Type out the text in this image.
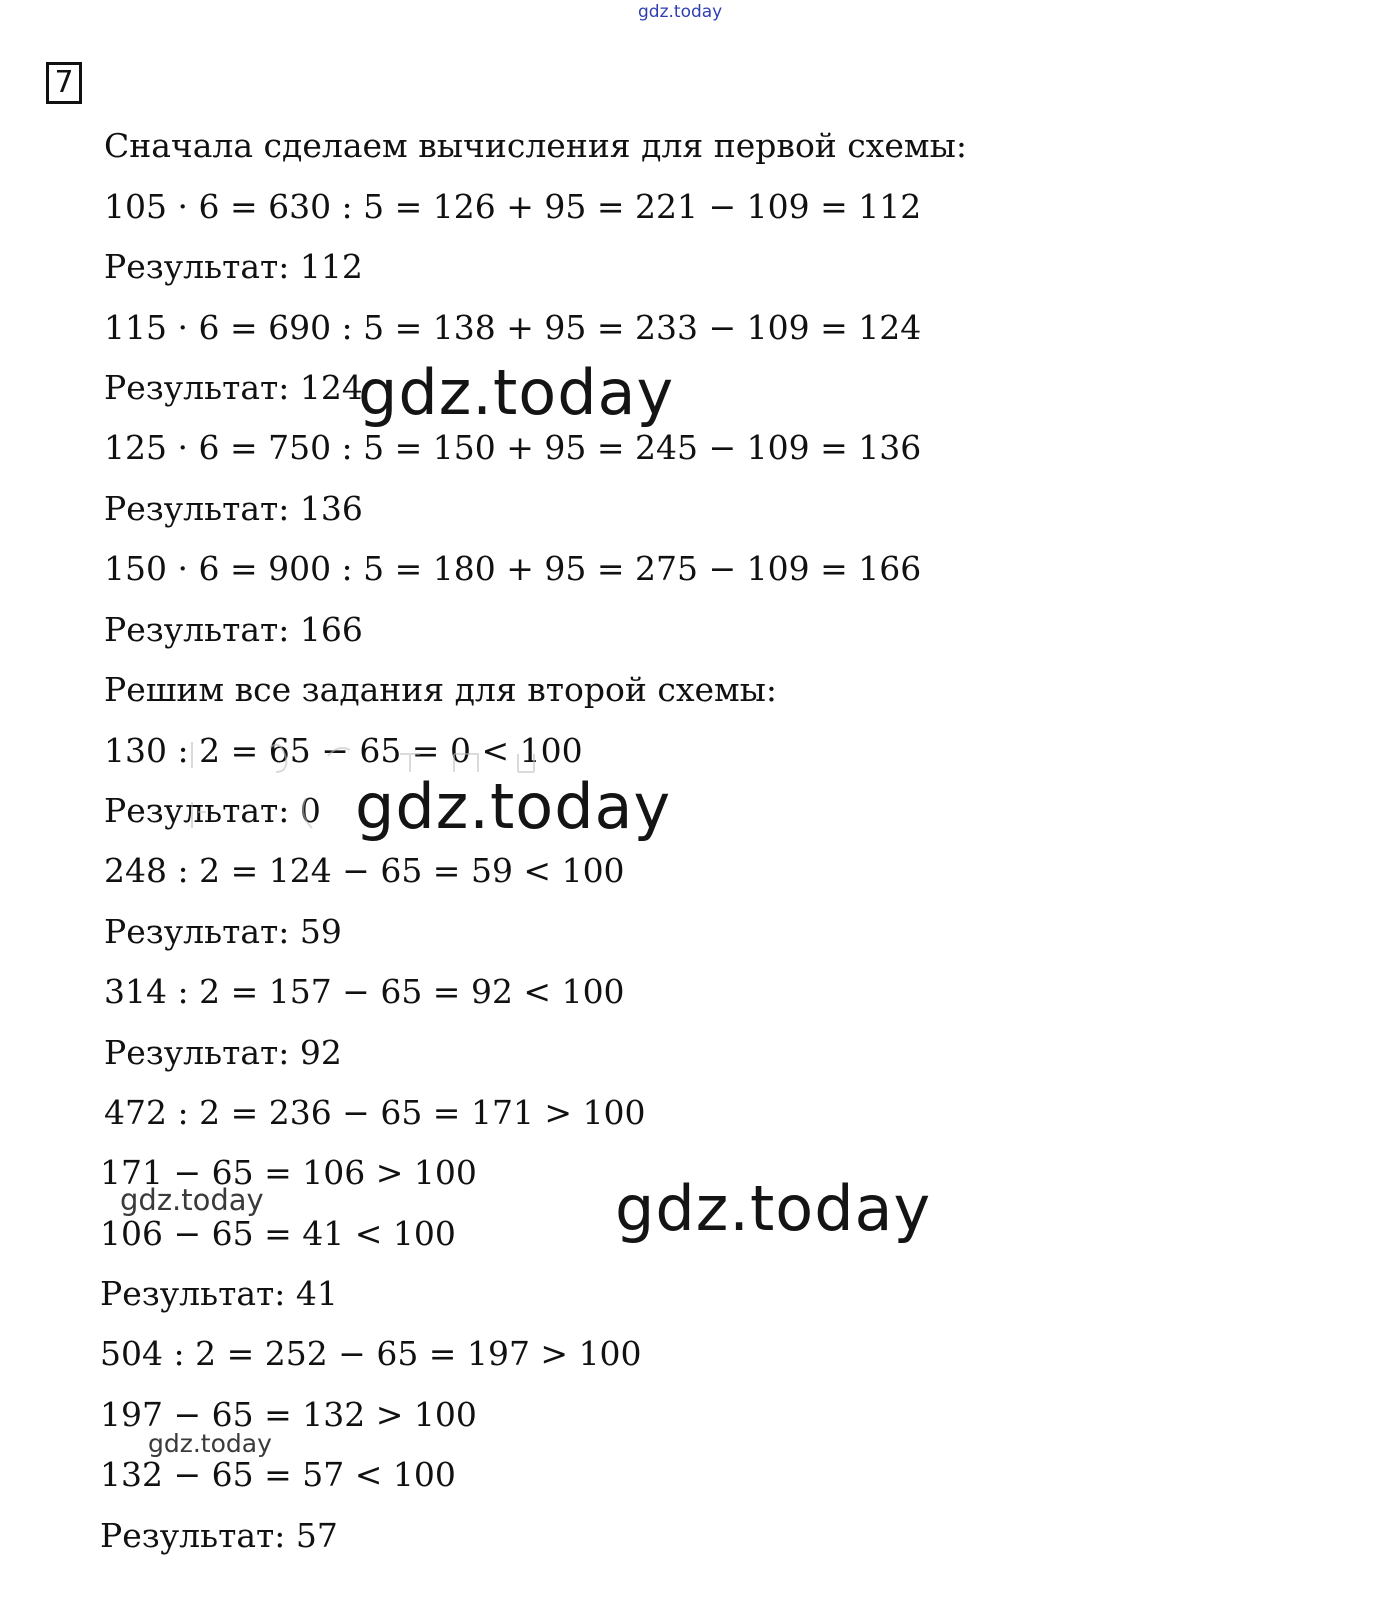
gdz.today
7
Сначала сделаем вычисления для первой схемы:
105 · 6 = 630 : 5 = 126 + 95 = 221 − 109 = 112
Результат: 112
115 · 6 = 690 : 5 = 138 + 95 = 233 − 109 = 124
Результат: 124
125 · 6 = 750 : 5 = 150 + 95 = 245 − 109 = 136
Результат: 136
150 · 6 = 900 : 5 = 180 + 95 = 275 − 109 = 166
Результат: 166
Решим все задания для второй схемы:
130 : 2 = 65 − 65 = 0 < 100
Результат: 0
248 : 2 = 124 − 65 = 59 < 100
Результат: 59
314 : 2 = 157 − 65 = 92 < 100
Результат: 92
472 : 2 = 236 − 65 = 171 > 100
171 − 65 = 106 > 100
106 − 65 = 41 < 100
Результат: 41
504 : 2 = 252 − 65 = 197 > 100
197 − 65 = 132 > 100
132 − 65 = 57 < 100
Результат: 57
gdz.today
gdz.today
gdz.today
gdz.today
gdz.today
